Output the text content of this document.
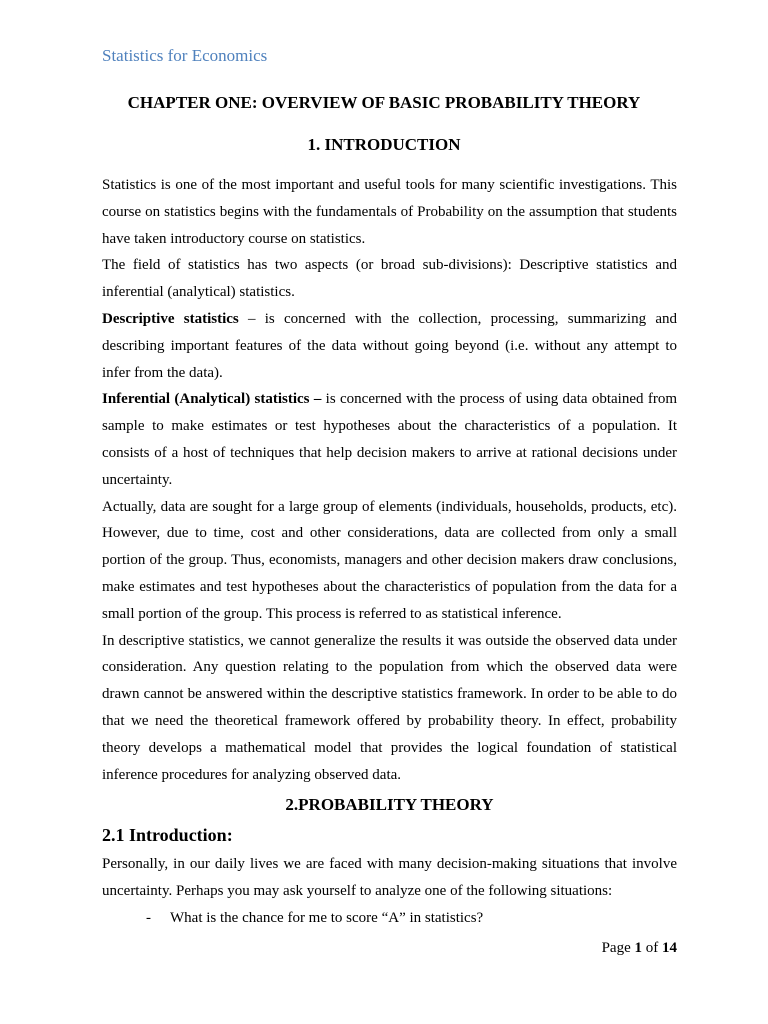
Statistics for Economics
CHAPTER ONE: OVERVIEW OF BASIC PROBABILITY THEORY
1. INTRODUCTION

Statistics is one of the most important and useful tools for many scientific investigations. This course on statistics begins with the fundamentals of Probability on the assumption that students have taken introductory course on statistics.

The field of statistics has two aspects (or broad sub-divisions): Descriptive statistics and inferential (analytical) statistics.

Descriptive statistics – is concerned with the collection, processing, summarizing and describing important features of the data without going beyond (i.e. without any attempt to infer from the data).

Inferential (Analytical) statistics – is concerned with the process of using data obtained from sample to make estimates or test hypotheses about the characteristics of a population. It consists of a host of techniques that help decision makers to arrive at rational decisions under uncertainty.

Actually, data are sought for a large group of elements (individuals, households, products, etc). However, due to time, cost and other considerations, data are collected from only a small portion of the group. Thus, economists, managers and other decision makers draw conclusions, make estimates and test hypotheses about the characteristics of population from the data for a small portion of the group. This process is referred to as statistical inference.

In descriptive statistics, we cannot generalize the results it was outside the observed data under consideration. Any question relating to the population from which the observed data were drawn cannot be answered within the descriptive statistics framework. In order to be able to do that we need the theoretical framework offered by probability theory. In effect, probability theory develops a mathematical model that provides the logical foundation of statistical inference procedures for analyzing observed data.

2.PROBABILITY THEORY
2.1 Introduction:

Personally, in our daily lives we are faced with many decision-making situations that involve uncertainty. Perhaps you may ask yourself to analyze one of the following situations:

- What is the chance for me to score “A” in statistics?

Page 1 of 14
